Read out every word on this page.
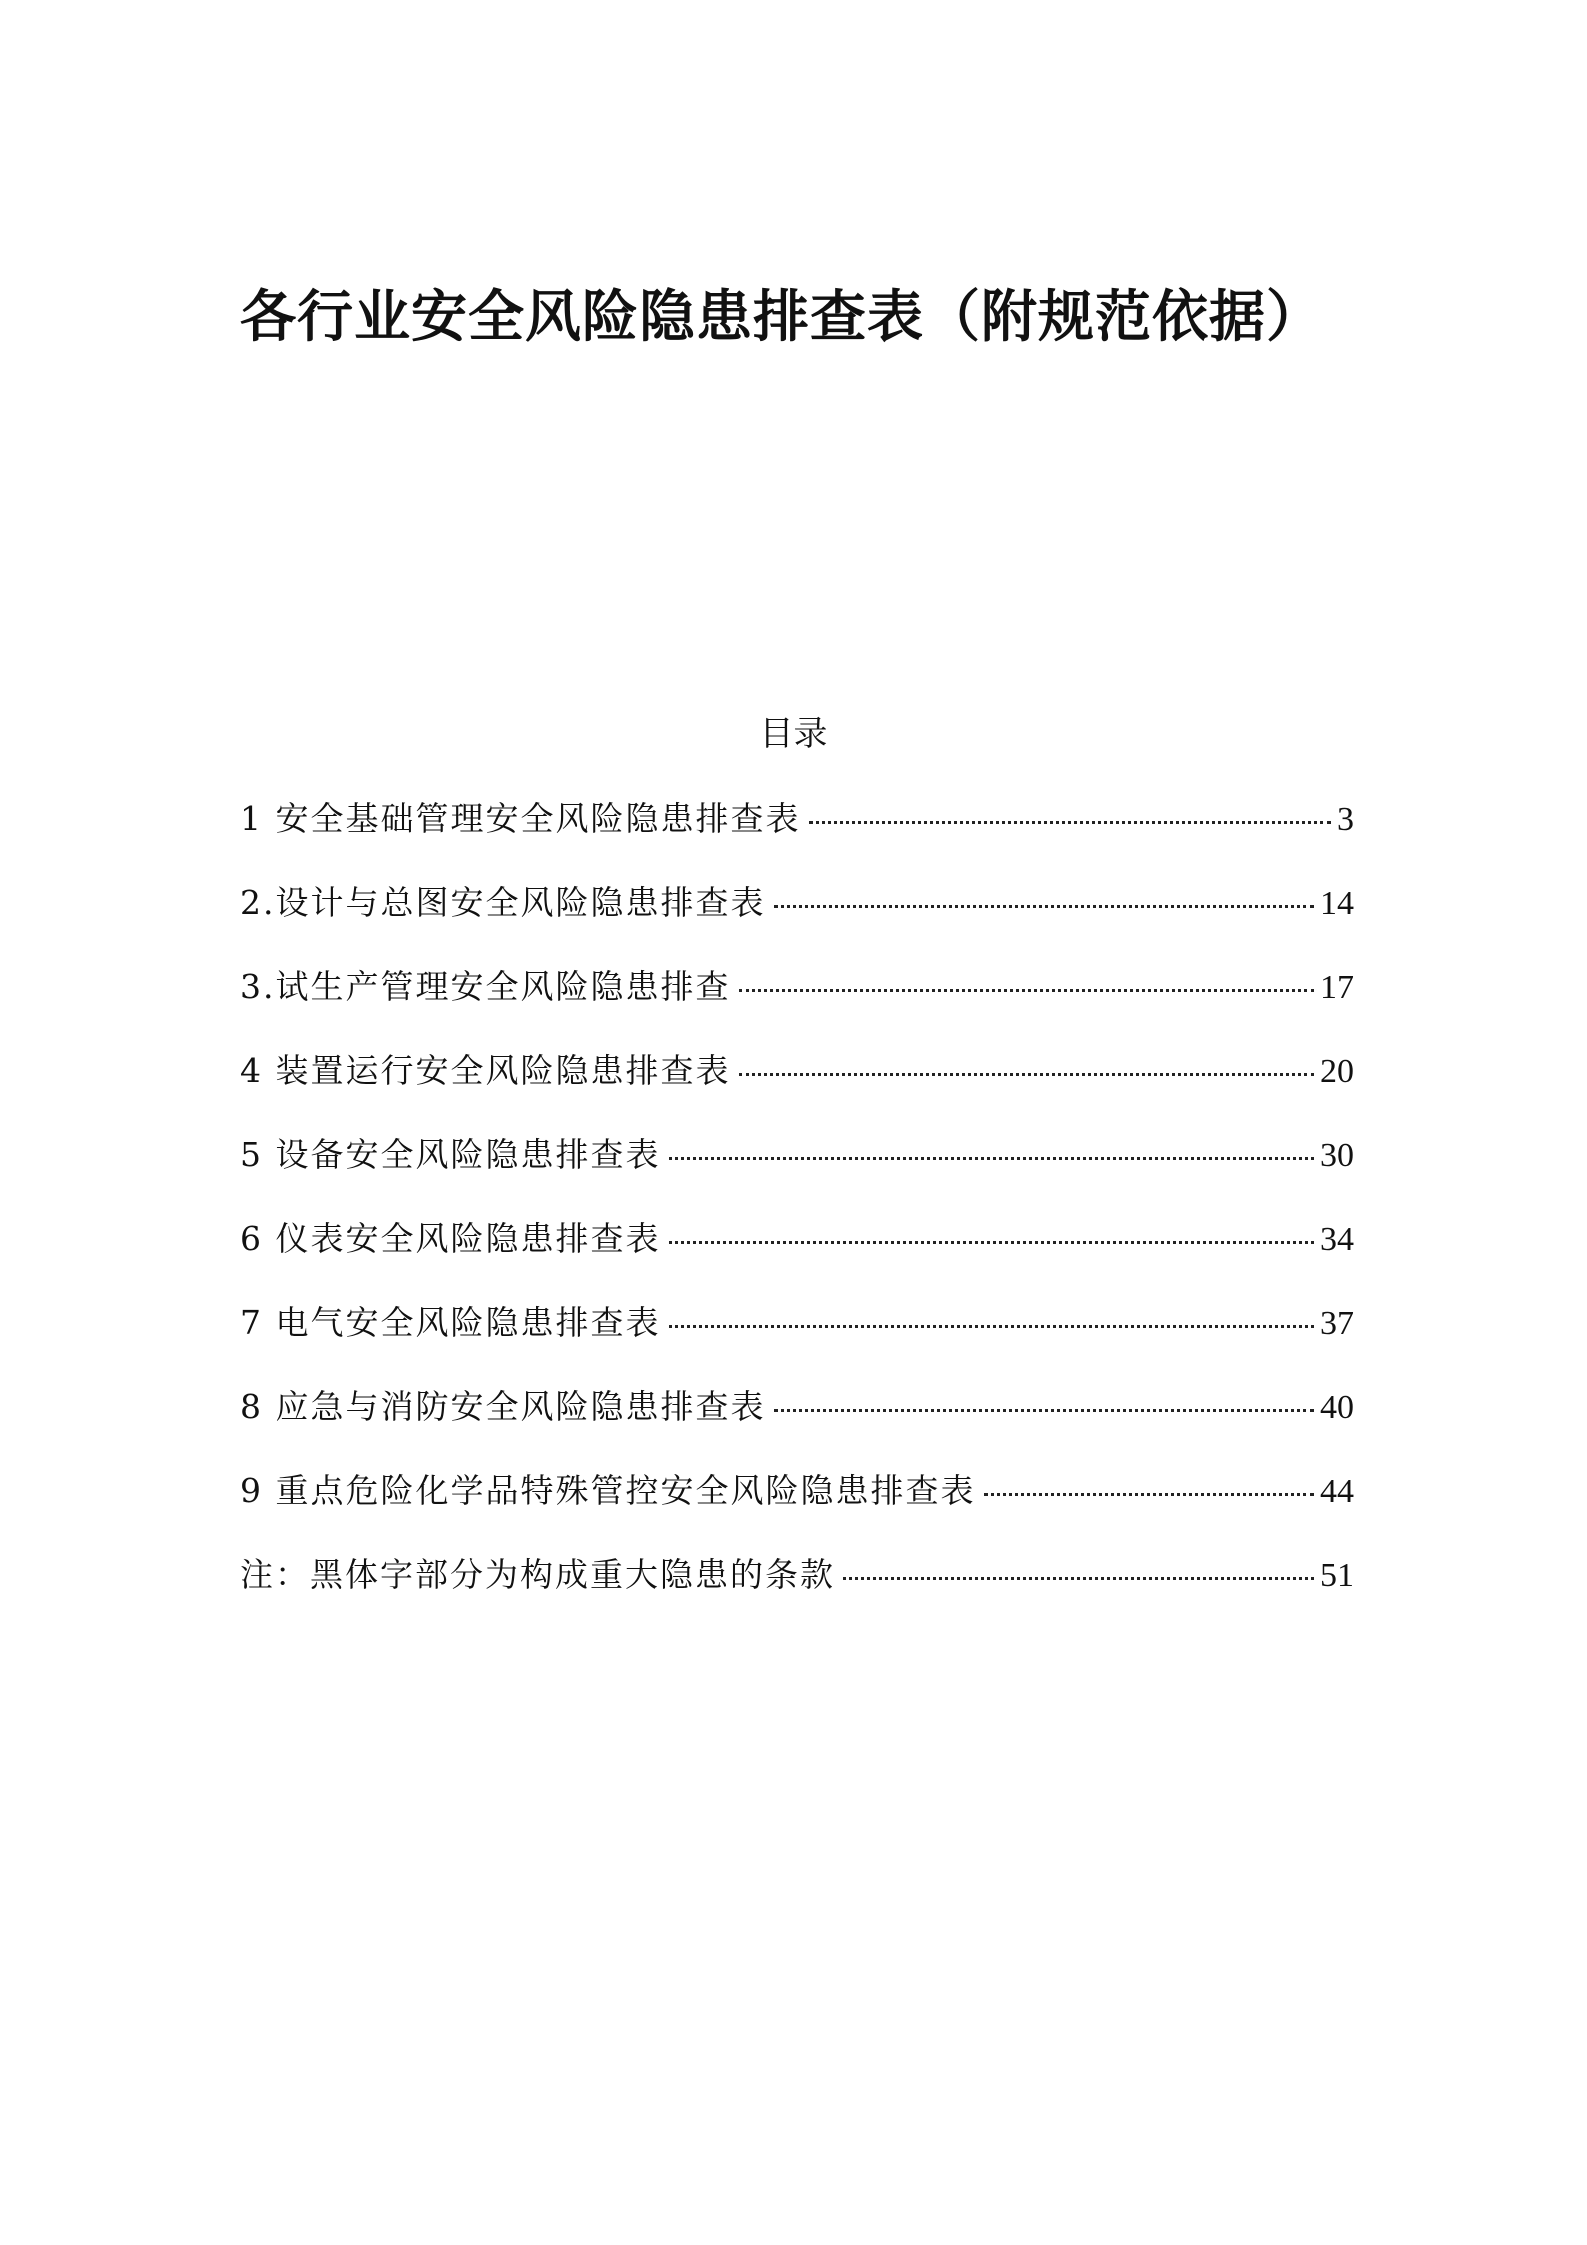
各行业安全风险隐患排查表（附规范依据）
目录
1 安全基础管理安全风险隐患排查表	3
2.设计与总图安全风险隐患排查表	14
3.试生产管理安全风险隐患排查	17
4 装置运行安全风险隐患排查表	20
5 设备安全风险隐患排查表	30
6 仪表安全风险隐患排查表	34
7 电气安全风险隐患排查表	37
8 应急与消防安全风险隐患排查表	40
9 重点危险化学品特殊管控安全风险隐患排查表	44
注：黑体字部分为构成重大隐患的条款	51
